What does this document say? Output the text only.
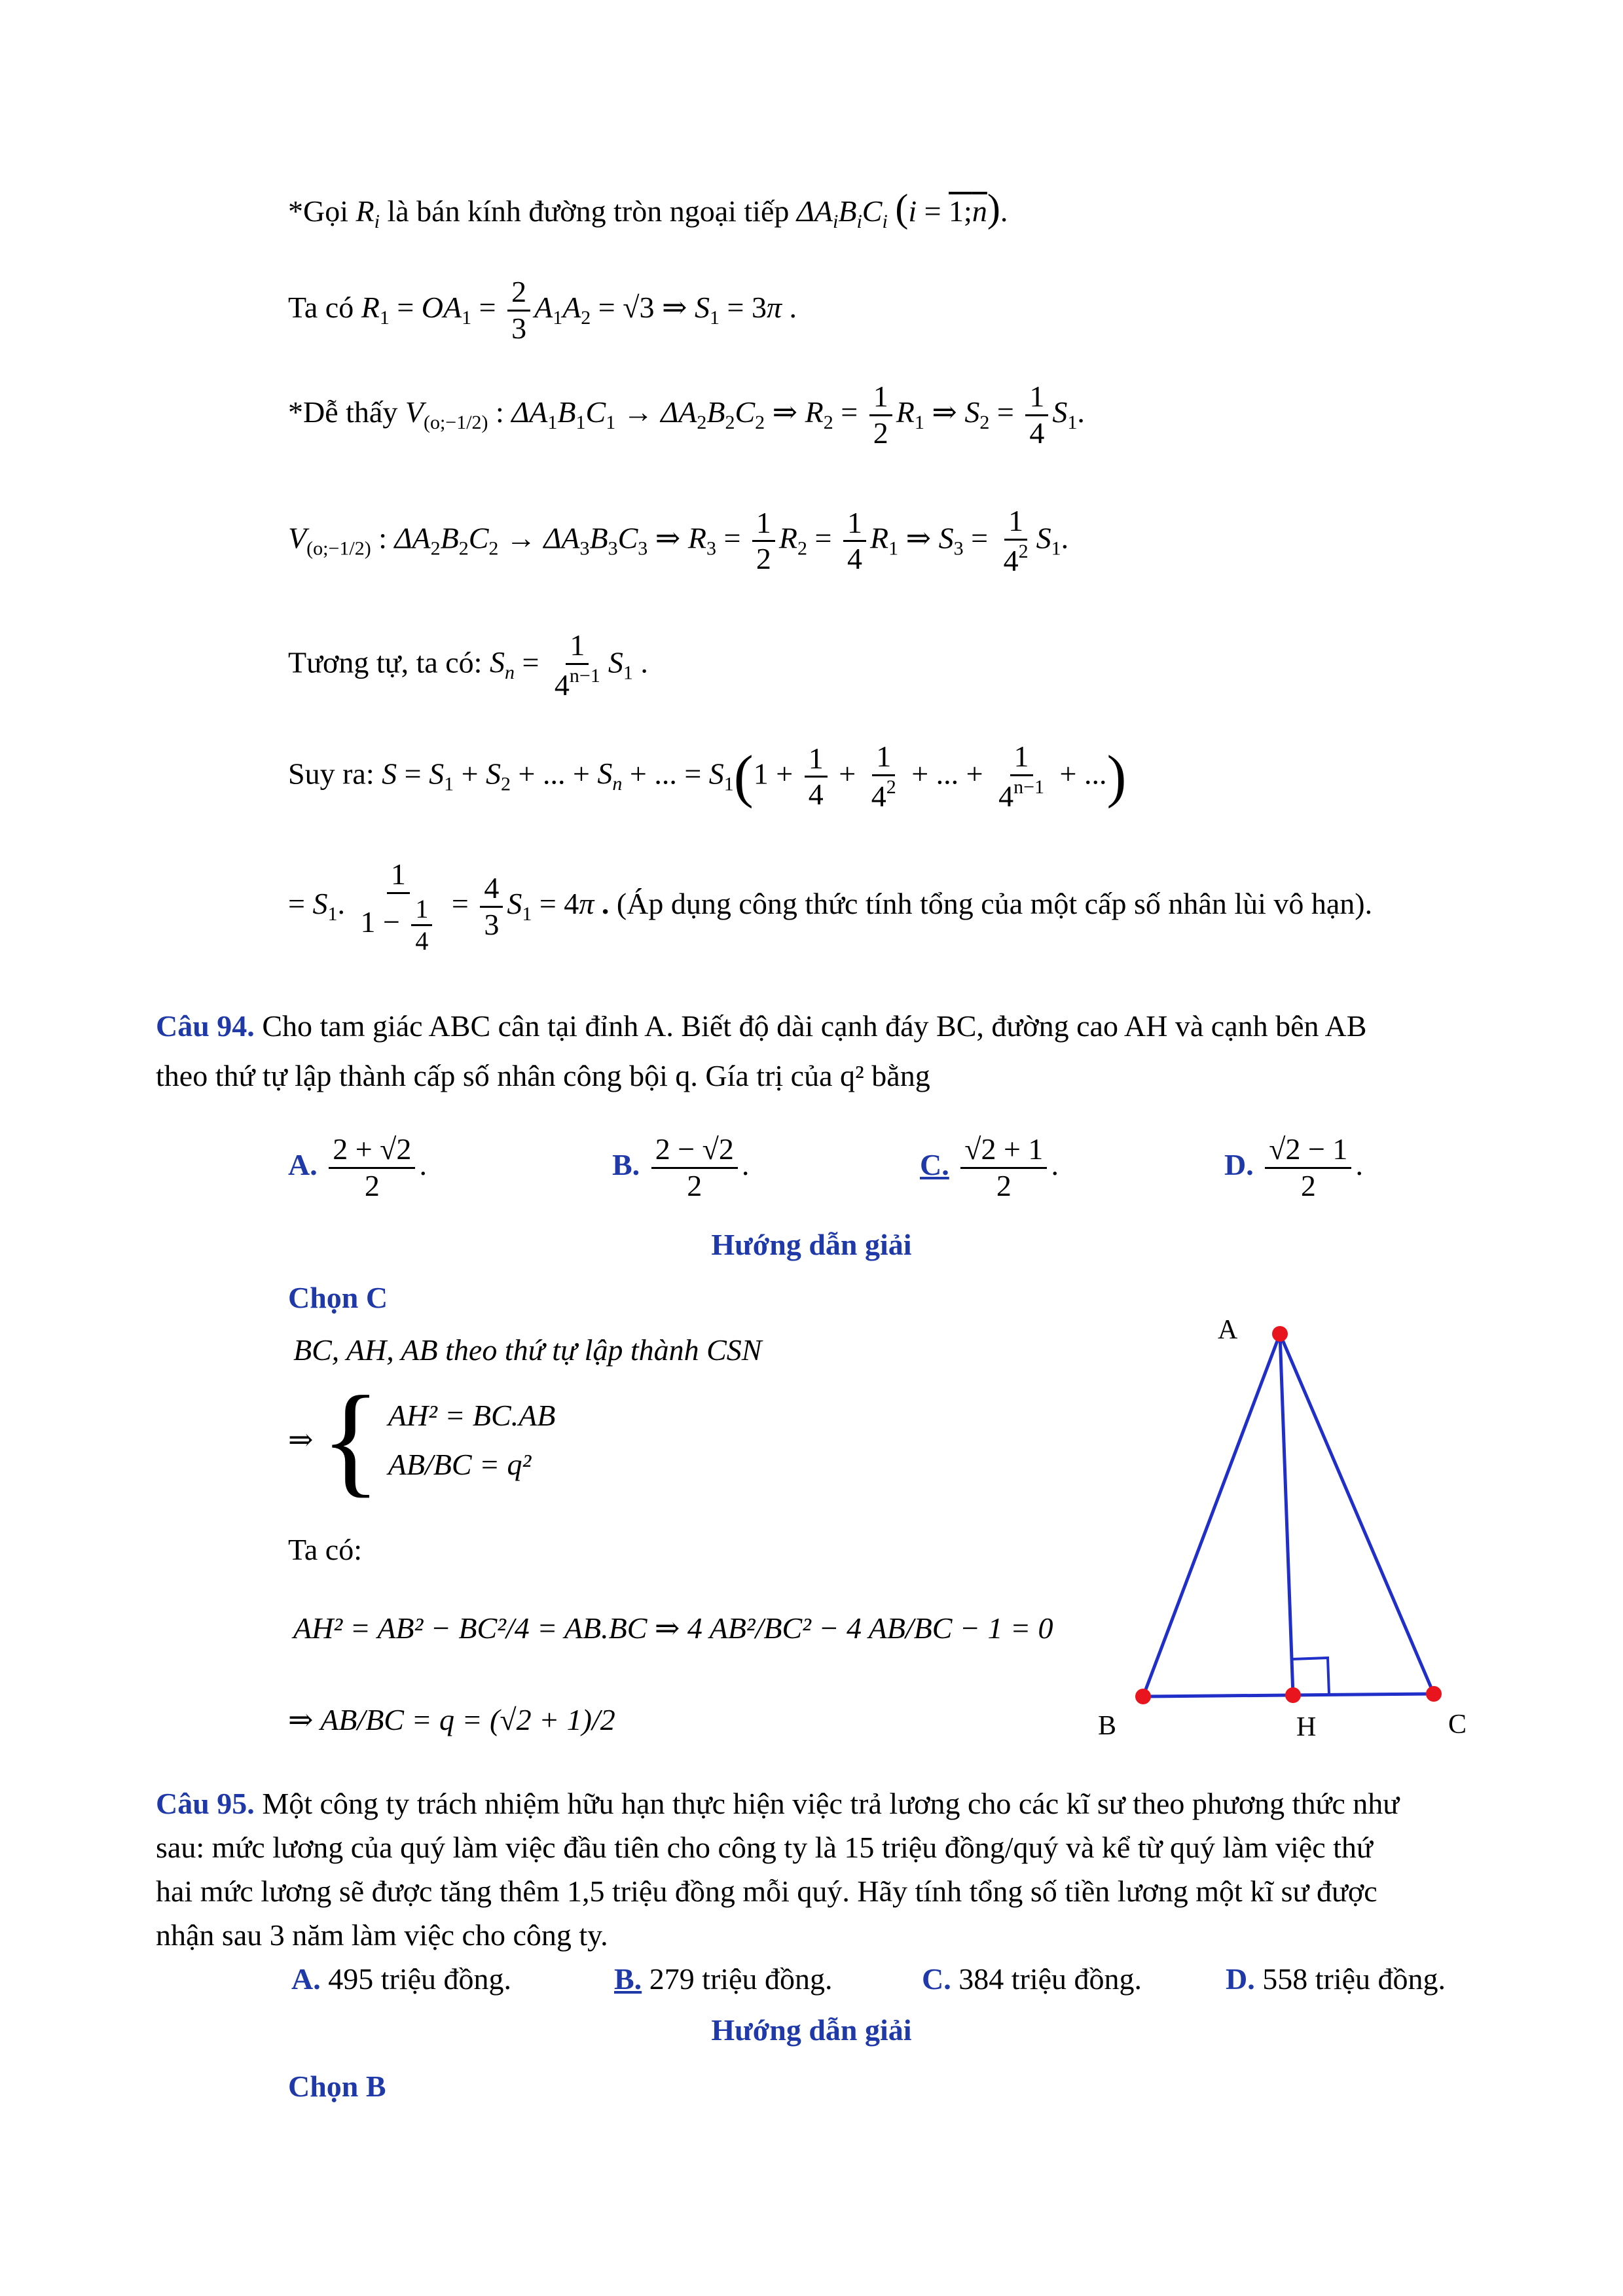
*Gọi $R_i$ là bán kính đường tròn ngoại tiếp $\Delta A_iB_iC_i$ (i = 1;n).
Ta có $R_1 = OA_1 = \frac{2}{3} A_1A_2 = √3$ ⇒ $S_1 = 3\pi$ .
*Dễ thấy $V_{(o;-1/2)}$ : $\Delta A_1B_1C_1 \to \Delta A_2B_2C_2$ ⇒ $R_2 = \frac{1}{2} R_1$ ⇒ $S_2 = \frac{1}{4} S_1$.
$V_{(o;-1/2)}$ : $\Delta A_2B_2C_2 \to \Delta A_3B_3C_3$ ⇒ $R_3 = \frac{1}{2} R_2 = \frac{1}{4} R_1$ ⇒ $S_3 = \frac{1}{4^2} S_1$.
Tương tự, ta có: $S_n = \frac{1}{4^{n-1}} S_1$ .
Suy ra: $S = S_1 + S_2$ + ... + $S_n$ + ... = $S_1(1 + \frac{1}{4} + \frac{1}{4^2}$ + ... + $\frac{1}{4^{n-1}}$ + ...)
= $S_1$. $\frac{1}{1 - \frac{1}{4}} = \frac{4}{3} S_1 = 4\pi$ . (Áp dụng công thức tính tổng của một cấp số nhân lùi vô hạn).
Câu 94. Cho tam giác ABC cân tại đỉnh A. Biết độ dài cạnh đáy BC, đường cao AH và cạnh bên AB
theo thứ tự lập thành cấp số nhân công bội q. Gía trị của q² bằng
A. $\frac{2 + √2}{2}$ .	B. $\frac{2 - √2}{2}$ .	C. $\frac{√2 + 1}{2}$ .	D. $\frac{√2 - 1}{2}$ .
Hướng dẫn giải
Chọn C
BC, AH, AB theo thứ tự lập thành CSN
⇒ { AH² = BC.AB
AB/BC = q²
Ta có:
AH² = AB² − BC²/4 = AB.BC ⇒ 4 AB²/BC² − 4 AB/BC − 1 = 0
⇒ AB/BC = q = (√2 + 1)/2
A
B	H	C
Câu 95. Một công ty trách nhiệm hữu hạn thực hiện việc trả lương cho các kĩ sư theo phương thức như
sau: mức lương của quý làm việc đầu tiên cho công ty là 15 triệu đồng/quý và kể từ quý làm việc thứ
hai mức lương sẽ được tăng thêm 1,5 triệu đồng mỗi quý. Hãy tính tổng số tiền lương một kĩ sư được
nhận sau 3 năm làm việc cho công ty.
A. 495 triệu đồng.	B. 279 triệu đồng.	C. 384 triệu đồng.	D. 558 triệu đồng.
Hướng dẫn giải
Chọn B
